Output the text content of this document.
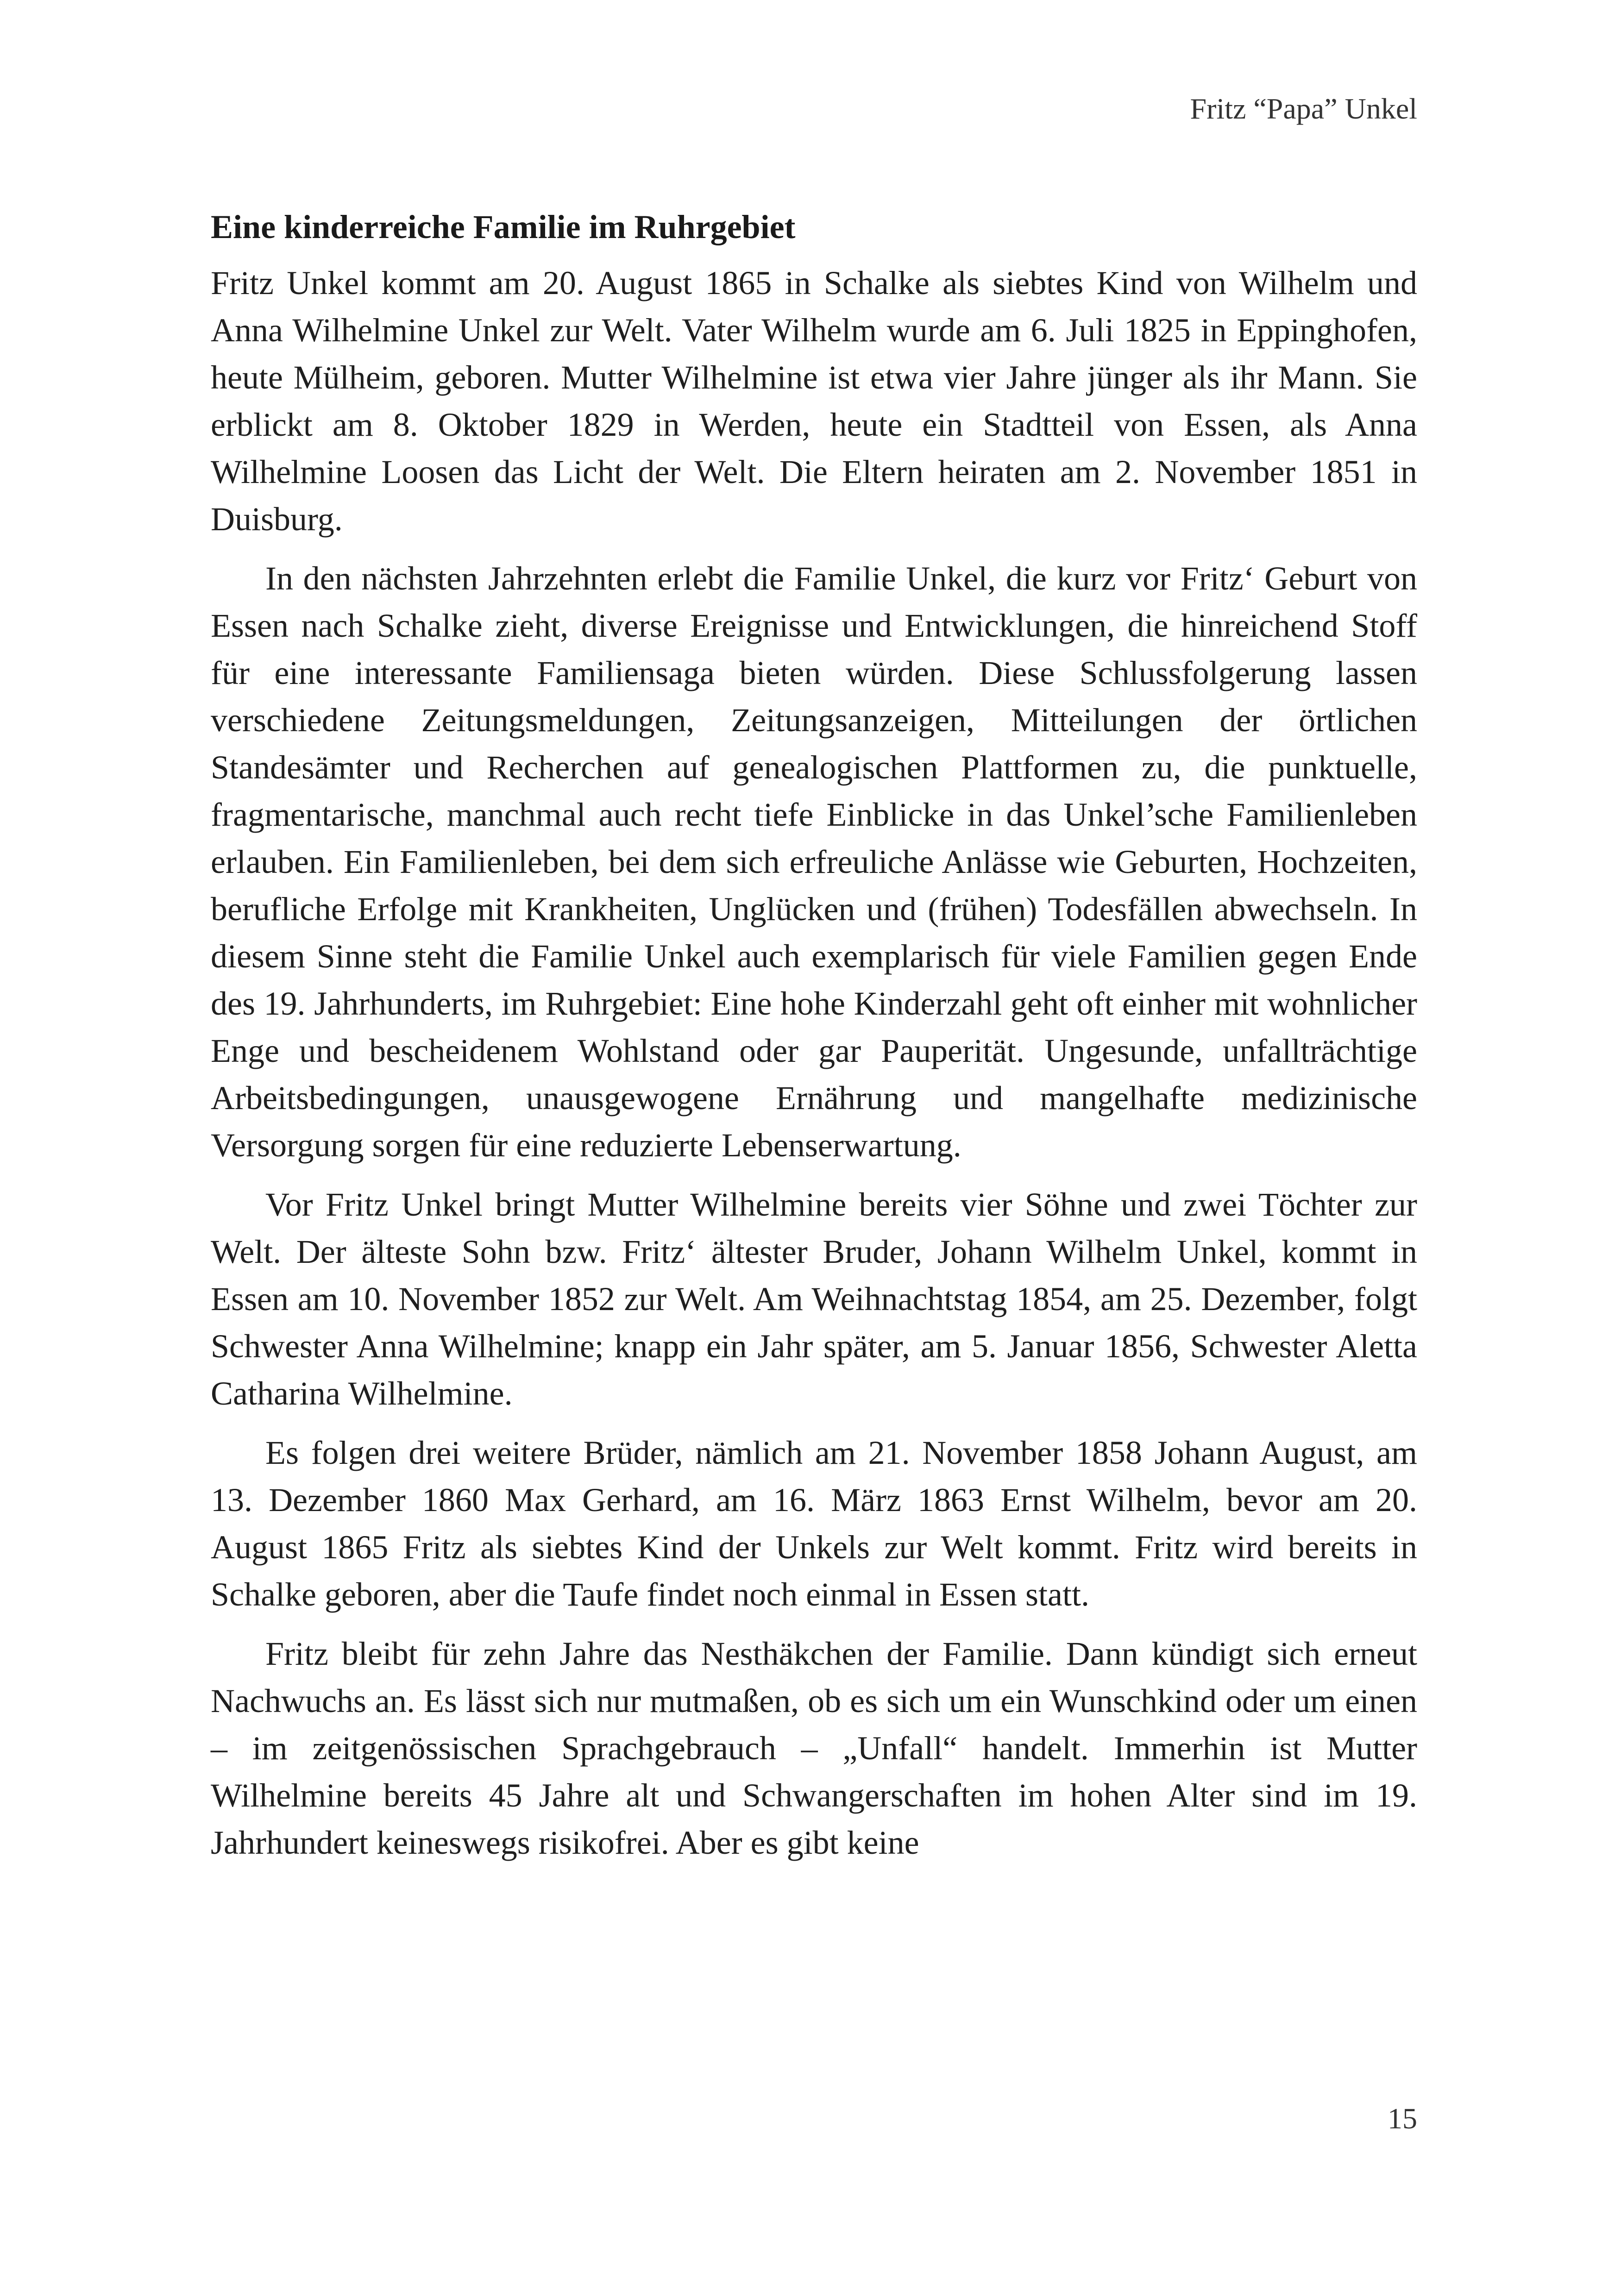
Fritz “Papa” Unkel
Eine kinderreiche Familie im Ruhrgebiet

Fritz Unkel kommt am 20. August 1865 in Schalke als siebtes Kind von Wilhelm und Anna Wilhelmine Unkel zur Welt. Vater Wilhelm wurde am 6. Juli 1825 in Eppinghofen, heute Mülheim, geboren. Mutter Wilhelmine ist etwa vier Jahre jünger als ihr Mann. Sie erblickt am 8. Oktober 1829 in Werden, heute ein Stadtteil von Essen, als Anna Wilhelmine Loosen das Licht der Welt. Die Eltern heiraten am 2. November 1851 in Duisburg.

In den nächsten Jahrzehnten erlebt die Familie Unkel, die kurz vor Fritz‘ Geburt von Essen nach Schalke zieht, diverse Ereignisse und Entwicklungen, die hinreichend Stoff für eine interessante Familiensaga bieten würden. Diese Schlussfolgerung lassen verschiedene Zeitungsmeldungen, Zeitungsanzeigen, Mitteilungen der örtlichen Standesämter und Recherchen auf genealogischen Plattformen zu, die punktuelle, fragmentarische, manchmal auch recht tiefe Einblicke in das Unkel’sche Familienleben erlauben. Ein Familienleben, bei dem sich erfreuliche Anlässe wie Geburten, Hochzeiten, berufliche Erfolge mit Krankheiten, Unglücken und (frühen) Todesfällen abwechseln. In diesem Sinne steht die Familie Unkel auch exemplarisch für viele Familien gegen Ende des 19. Jahrhunderts, im Ruhrgebiet: Eine hohe Kinderzahl geht oft einher mit wohnlicher Enge und bescheidenem Wohlstand oder gar Pauperität. Ungesunde, unfallträchtige Arbeitsbedingungen, unausgewogene Ernährung und mangelhafte medizinische Versorgung sorgen für eine reduzierte Lebenserwartung.

Vor Fritz Unkel bringt Mutter Wilhelmine bereits vier Söhne und zwei Töchter zur Welt. Der älteste Sohn bzw. Fritz‘ ältester Bruder, Johann Wilhelm Unkel, kommt in Essen am 10. November 1852 zur Welt. Am Weihnachtstag 1854, am 25. Dezember, folgt Schwester Anna Wilhelmine; knapp ein Jahr später, am 5. Januar 1856, Schwester Aletta Catharina Wilhelmine.

Es folgen drei weitere Brüder, nämlich am 21. November 1858 Johann August, am 13. Dezember 1860 Max Gerhard, am 16. März 1863 Ernst Wilhelm, bevor am 20. August 1865 Fritz als siebtes Kind der Unkels zur Welt kommt. Fritz wird bereits in Schalke geboren, aber die Taufe findet noch einmal in Essen statt.

Fritz bleibt für zehn Jahre das Nesthäkchen der Familie. Dann kündigt sich erneut Nachwuchs an. Es lässt sich nur mutmaßen, ob es sich um ein Wunschkind oder um einen – im zeitgenössischen Sprachgebrauch – „Unfall“ handelt. Immerhin ist Mutter Wilhelmine bereits 45 Jahre alt und Schwangerschaften im hohen Alter sind im 19. Jahrhundert keineswegs risikofrei. Aber es gibt keine

15
